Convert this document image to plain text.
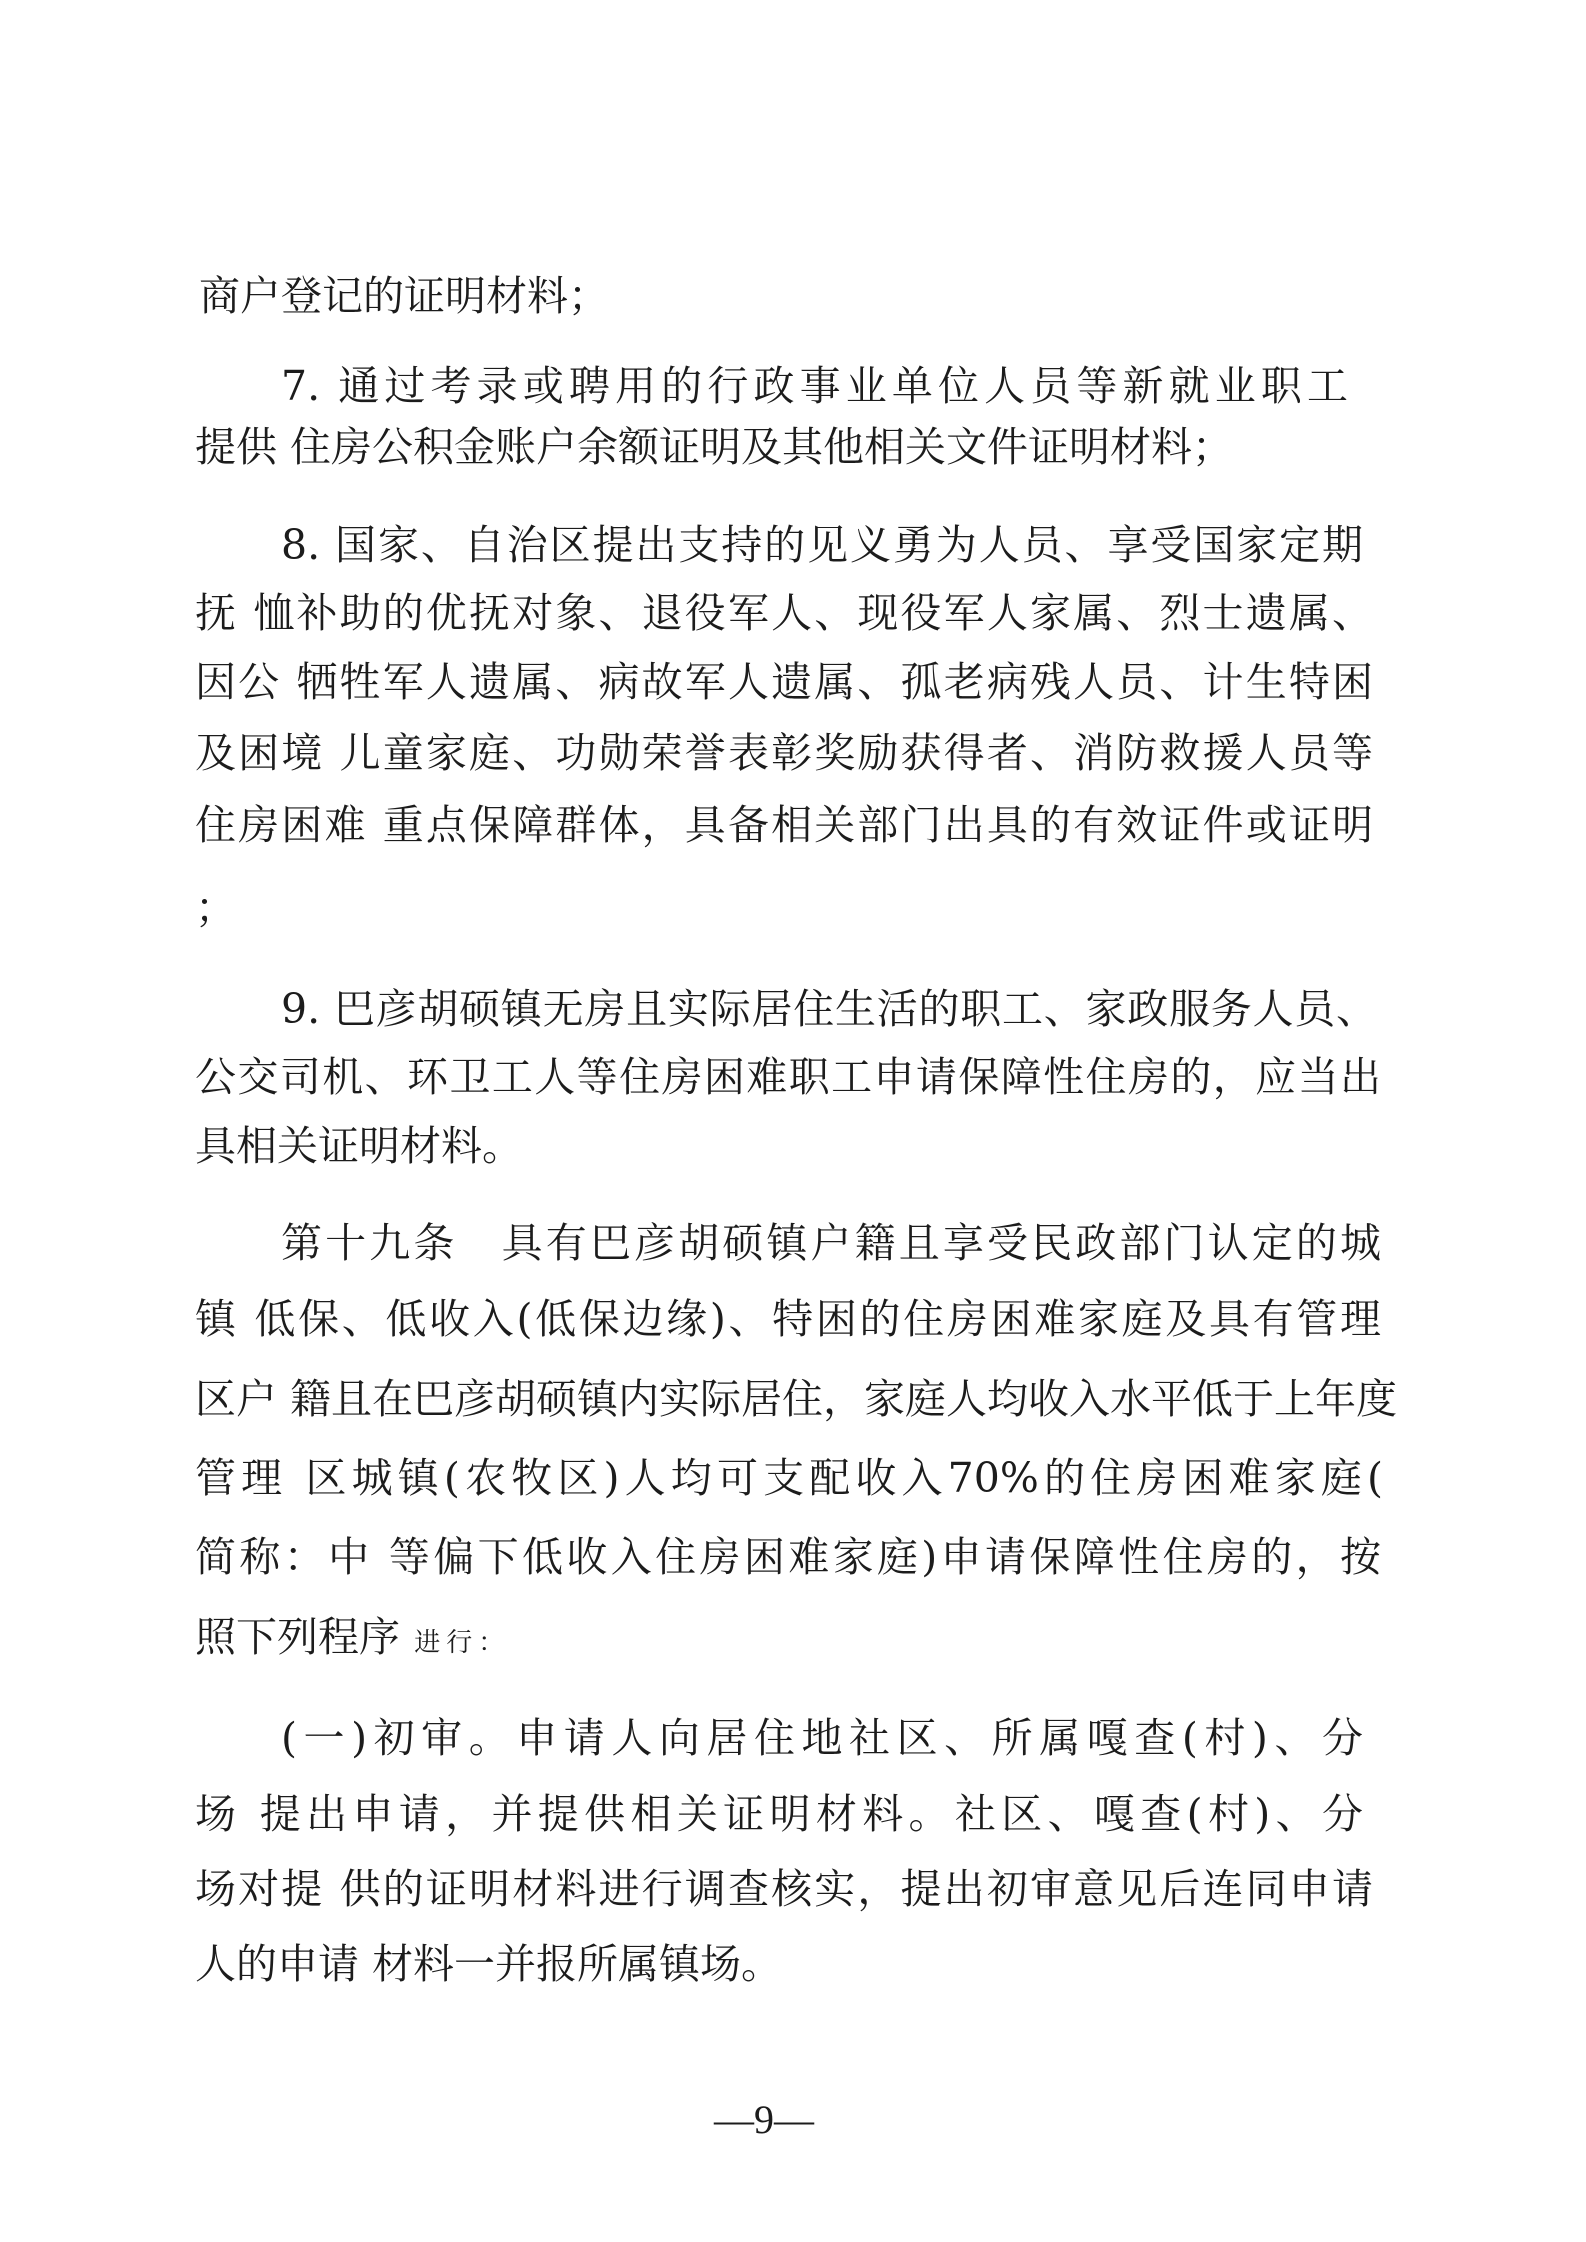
商户登记的证明材料；
7. 通过考录或聘用的行政事业单位人员等新就业职工
提供 住房公积金账户余额证明及其他相关文件证明材料；
8. 国家、自治区提出支持的见义勇为人员、享受国家定期
抚 恤补助的优抚对象、退役军人、现役军人家属、烈士遗属、
因公 牺牲军人遗属、病故军人遗属、孤老病残人员、计生特困
及困境 儿童家庭、功勋荣誉表彰奖励获得者、消防救援人员等
住房困难 重点保障群体，具备相关部门出具的有效证件或证明
；
9. 巴彦胡硕镇无房且实际居住生活的职工、家政服务人员、
公交司机、环卫工人等住房困难职工申请保障性住房的，应当出
具相关证明材料。
第十九条　具有巴彦胡硕镇户籍且享受民政部门认定的城
镇 低保、低收入(低保边缘)、特困的住房困难家庭及具有管理
区户 籍且在巴彦胡硕镇内实际居住，家庭人均收入水平低于上年度
管理 区城镇(农牧区)人均可支配收入70%的住房困难家庭(
简称：中 等偏下低收入住房困难家庭)申请保障性住房的，按
照下列程序 进行：
(一)初审。申请人向居住地社区、所属嘎查(村)、分
场 提出申请，并提供相关证明材料。社区、嘎查(村)、分
场对提 供的证明材料进行调查核实，提出初审意见后连同申请
人的申请 材料一并报所属镇场。
—9—
